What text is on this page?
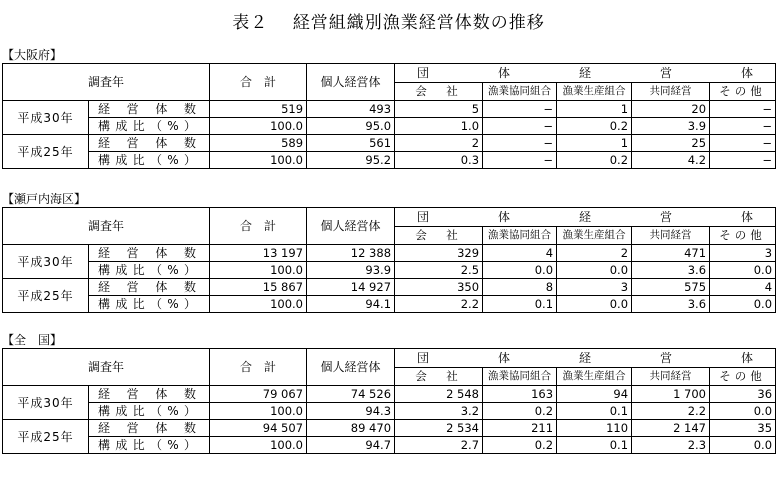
表２　 経営組織別漁業経営体数の推移
【大阪府】
調査年		合　計	個人経営体	団 体 経 営 体				

				会　社	漁業協同組合	漁業生産組合	共同経営	その他
平成30年	経営体数	519	493	5	−	1	20	−

	構成比（%）	100.0	95.0	1.0	−	0.2	3.9	−
平成25年	経営体数	589	561	2	−	1	25	−

	構成比（%）	100.0	95.2	0.3	−	0.2	4.2	−
【瀬戸内海区】
調査年		合　計	個人経営体	団 体 経 営 体				

				会　社	漁業協同組合	漁業生産組合	共同経営	その他
平成30年	経営体数	13 197	12 388	329	4	2	471	3

	構成比（%）	100.0	93.9	2.5	0.0	0.0	3.6	0.0
平成25年	経営体数	15 867	14 927	350	8	3	575	4

	構成比（%）	100.0	94.1	2.2	0.1	0.0	3.6	0.0
【全　国】
調査年		合　計	個人経営体	団 体 経 営 体				

				会　社	漁業協同組合	漁業生産組合	共同経営	その他
平成30年	経営体数	79 067	74 526	2 548	163	94	1 700	36

	構成比（%）	100.0	94.3	3.2	0.2	0.1	2.2	0.0
平成25年	経営体数	94 507	89 470	2 534	211	110	2 147	35

	構成比（%）	100.0	94.7	2.7	0.2	0.1	2.3	0.0
